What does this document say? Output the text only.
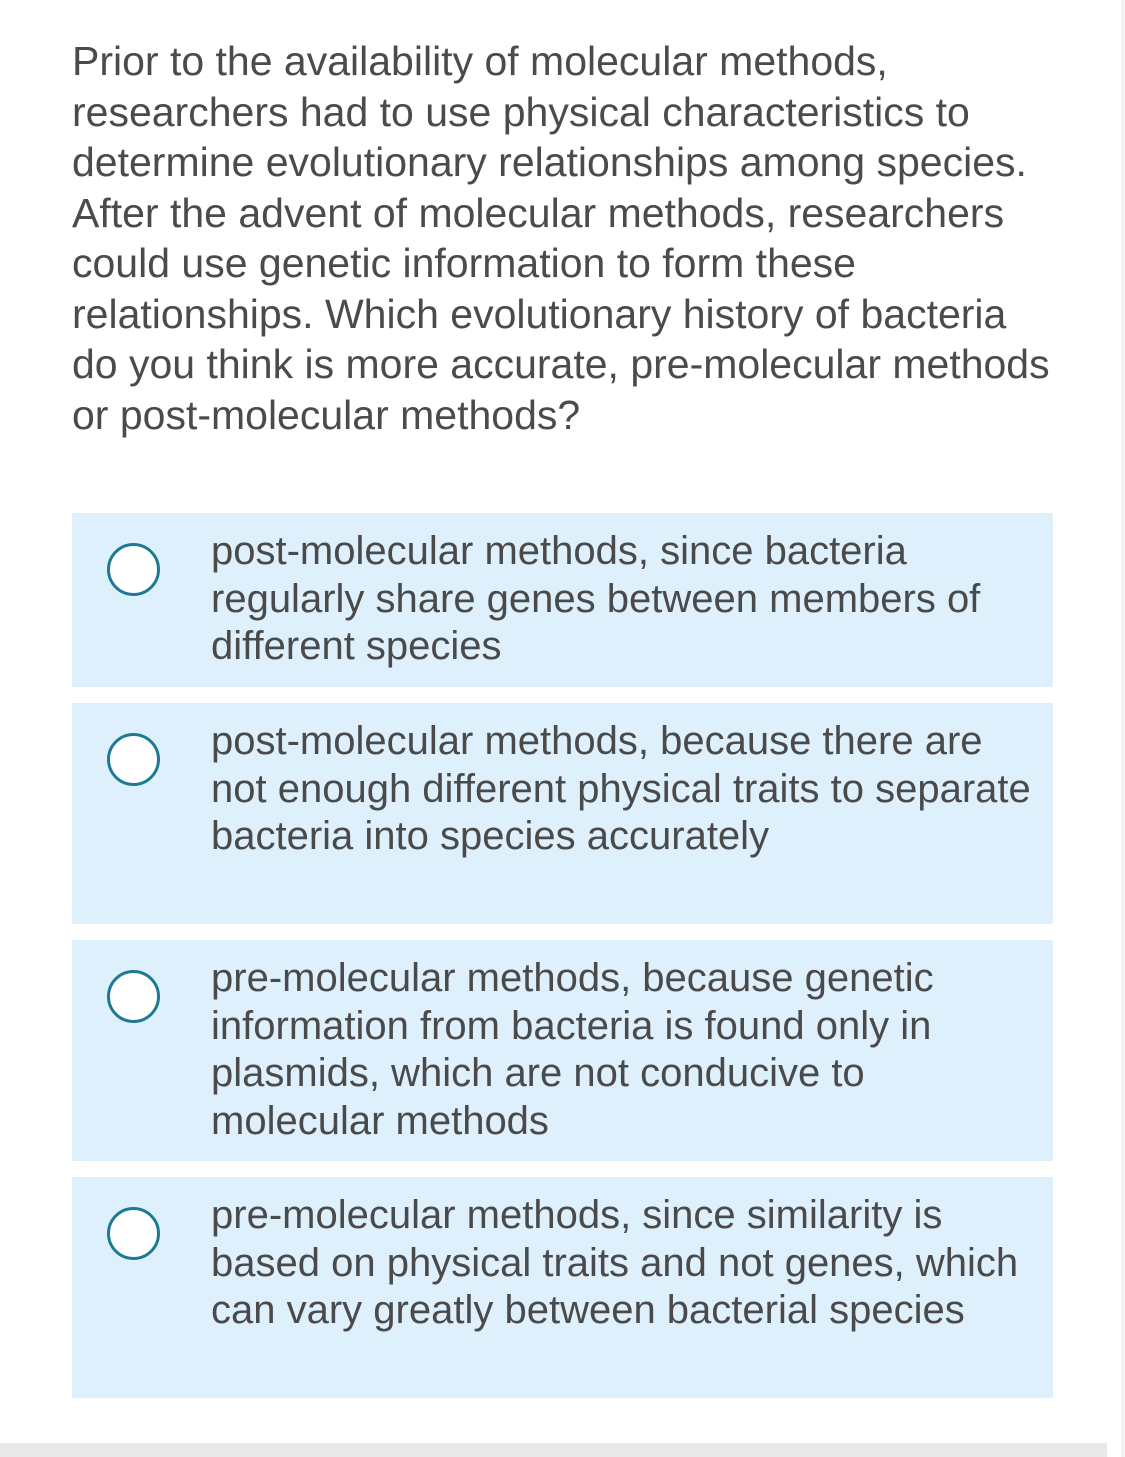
Prior to the availability of molecular methods, researchers had to use physical characteristics to determine evolutionary relationships among species. After the advent of molecular methods, researchers could use genetic information to form these relationships. Which evolutionary history of bacteria do you think is more accurate, pre-molecular methods or post-molecular methods?

post-molecular methods, since bacteria regularly share genes between members of different species
post-molecular methods, because there are not enough different physical traits to separate bacteria into species accurately
pre-molecular methods, because genetic information from bacteria is found only in plasmids, which are not conducive to molecular methods
pre-molecular methods, since similarity is based on physical traits and not genes, which can vary greatly between bacterial species
